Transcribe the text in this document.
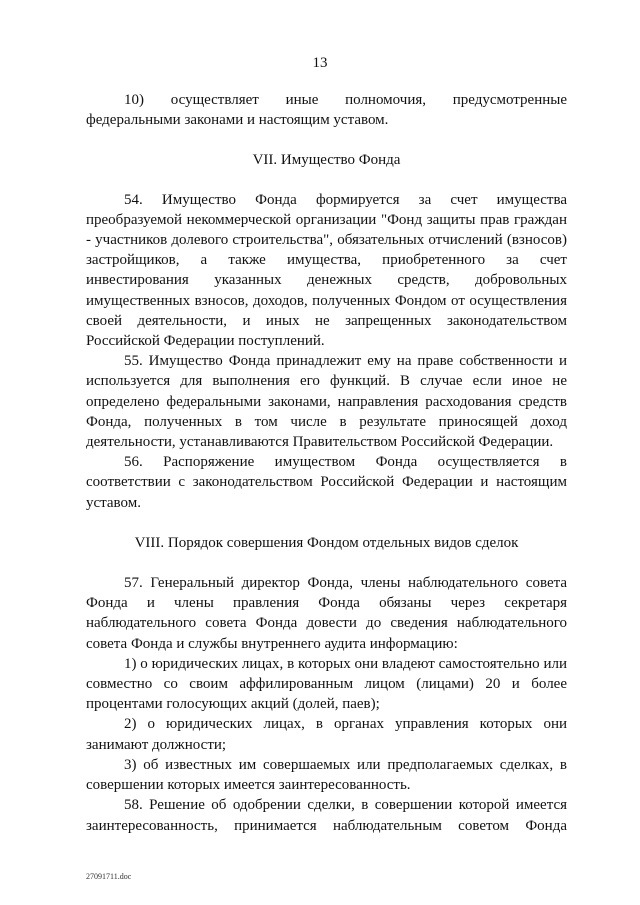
13

10) осуществляет иные полномочия, предусмотренные федеральными законами и настоящим уставом.

VII. Имущество Фонда

54. Имущество Фонда формируется за счет имущества преобразуемой некоммерческой организации "Фонд защиты прав граждан - участников долевого строительства", обязательных отчислений (взносов) застройщиков, а также имущества, приобретенного за счет инвестирования указанных денежных средств, добровольных имущественных взносов, доходов, полученных Фондом от осуществления своей деятельности, и иных не запрещенных законодательством Российской Федерации поступлений.

55. Имущество Фонда принадлежит ему на праве собственности и используется для выполнения его функций. В случае если иное не определено федеральными законами, направления расходования средств Фонда, полученных в том числе в результате приносящей доход деятельности, устанавливаются Правительством Российской Федерации.

56. Распоряжение имуществом Фонда осуществляется в соответствии с законодательством Российской Федерации и настоящим уставом.

VIII. Порядок совершения Фондом отдельных видов сделок

57. Генеральный директор Фонда, члены наблюдательного совета Фонда и члены правления Фонда обязаны через секретаря наблюдательного совета Фонда довести до сведения наблюдательного совета Фонда и службы внутреннего аудита информацию:

1) о юридических лицах, в которых они владеют самостоятельно или совместно со своим аффилированным лицом (лицами) 20 и более процентами голосующих акций (долей, паев);

2) о юридических лицах, в органах управления которых они занимают должности;

3) об известных им совершаемых или предполагаемых сделках, в совершении которых имеется заинтересованность.

58. Решение об одобрении сделки, в совершении которой имеется заинтересованность, принимается наблюдательным советом Фонда

27091711.doc
